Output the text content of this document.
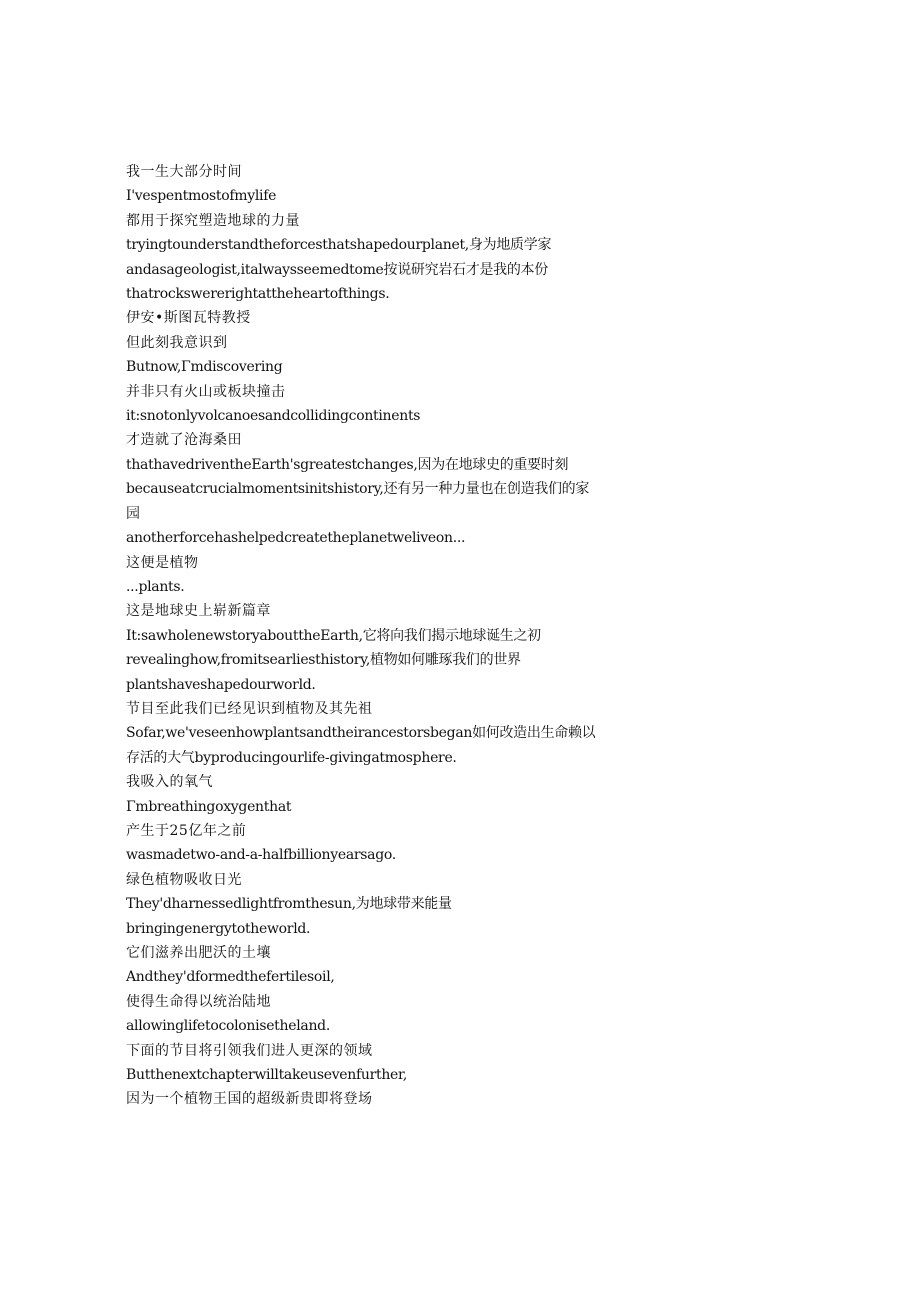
我一生大部分时间
I'vespentmostofmylife
都用于探究塑造地球的力量
tryingtounderstandtheforcesthatshapedourplanet,身为地质学家
andasageologist,italwaysseemedtome按说研究岩石才是我的本份
thatrockswererightattheheartofthings.
伊安•斯图瓦特教授
但此刻我意识到
Butnow,Γmdiscovering
并非只有火山或板块撞击
it:snotonlyvolcanoesandcollidingcontinents
才造就了沧海桑田
thathavedriventheEarth'sgreatestchanges,因为在地球史的重要时刻
becauseatcrucialmomentsinitshistory,还有另一种力量也在创造我们的家
园
anotherforcehashelpedcreatetheplanetweliveon...
这便是植物
...plants.
这是地球史上崭新篇章
It:sawholenewstoryabouttheEarth,它将向我们揭示地球诞生之初
revealinghow,fromitsearliesthistory,植物如何雕琢我们的世界
plantshaveshapedourworld.
节目至此我们已经见识到植物及其先祖
Sofar,we'veseenhowplantsandtheirancestorsbegan如何改造出生命赖以
存活的大气byproducingourlife-givingatmosphere.
我吸入的氧气
Γmbreathingoxygenthat
产生于25亿年之前
wasmadetwo-and-a-halfbillionyearsago.
绿色植物吸收日光
They'dharnessedlightfromthesun,为地球带来能量
bringingenergytotheworld.
它们滋养出肥沃的土壤
Andthey'dformedthefertilesoil,
使得生命得以统治陆地
allowinglifetocolonisetheland.
下面的节目将引领我们进人更深的领域
Butthenextchapterwilltakeusevenfurther,
因为一个植物王国的超级新贵即将登场
